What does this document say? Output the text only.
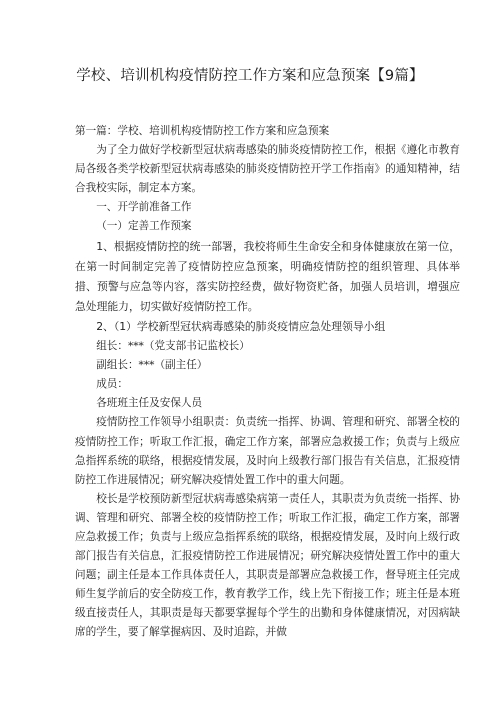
学校、培训机构疫情防控工作方案和应急预案【9篇】

第一篇：学校、培训机构疫情防控工作方案和应急预案

为了全力做好学校新型冠状病毒感染的肺炎疫情防控工作，根据《遵化市教育局各级各类学校新型冠状病毒感染的肺炎疫情防控开学工作指南》的通知精神，结合我校实际，制定本方案。

一、开学前准备工作

（一）定善工作预案

1、根据疫情防控的统一部署，我校将师生生命安全和身体健康放在第一位，在第一时间制定完善了疫情防控应急预案，明确疫情防控的组织管理、具体举措、预警与应急等内容，落实防控经费，做好物资贮备，加强人员培训，增强应急处理能力，切实做好疫情防控工作。

2、（1）学校新型冠状病毒感染的肺炎疫情应急处理领导小组

组长：***（党支部书记监校长）

副组长：***（副主任）

成员：

各班班主任及安保人员

疫情防控工作领导小组职责：负责统一指挥、协调、管理和研究、部署全校的疫情防控工作；听取工作汇报，确定工作方案，部署应急救援工作；负责与上级应急指挥系统的联络，根据疫情发展，及时向上级教行部门报告有关信息，汇报疫情防控工作进展情况；研究解决疫情处置工作中的重大问题。

校长是学校预防新型冠状病毒感染病第一责任人，其职责为负责统一指挥、协调、管理和研究、部署全校的疫情防控工作；听取工作汇报，确定工作方案，部署应急救援工作；负责与上级应急指挥系统的联络，根据疫情发展，及时向上级行政部门报告有关信息，汇报疫情防控工作进展情况；研究解决疫情处置工作中的重大问题；副主任是本工作具体责任人，其职责是部署应急救援工作，督导班主任完成师生复学前后的安全防疫工作，教育教学工作，线上先下衔接工作；班主任是本班级直接责任人，其职责是每天都要掌握每个学生的出勤和身体健康情况，对因病缺席的学生，要了解掌握病因、及时追踪，并做
